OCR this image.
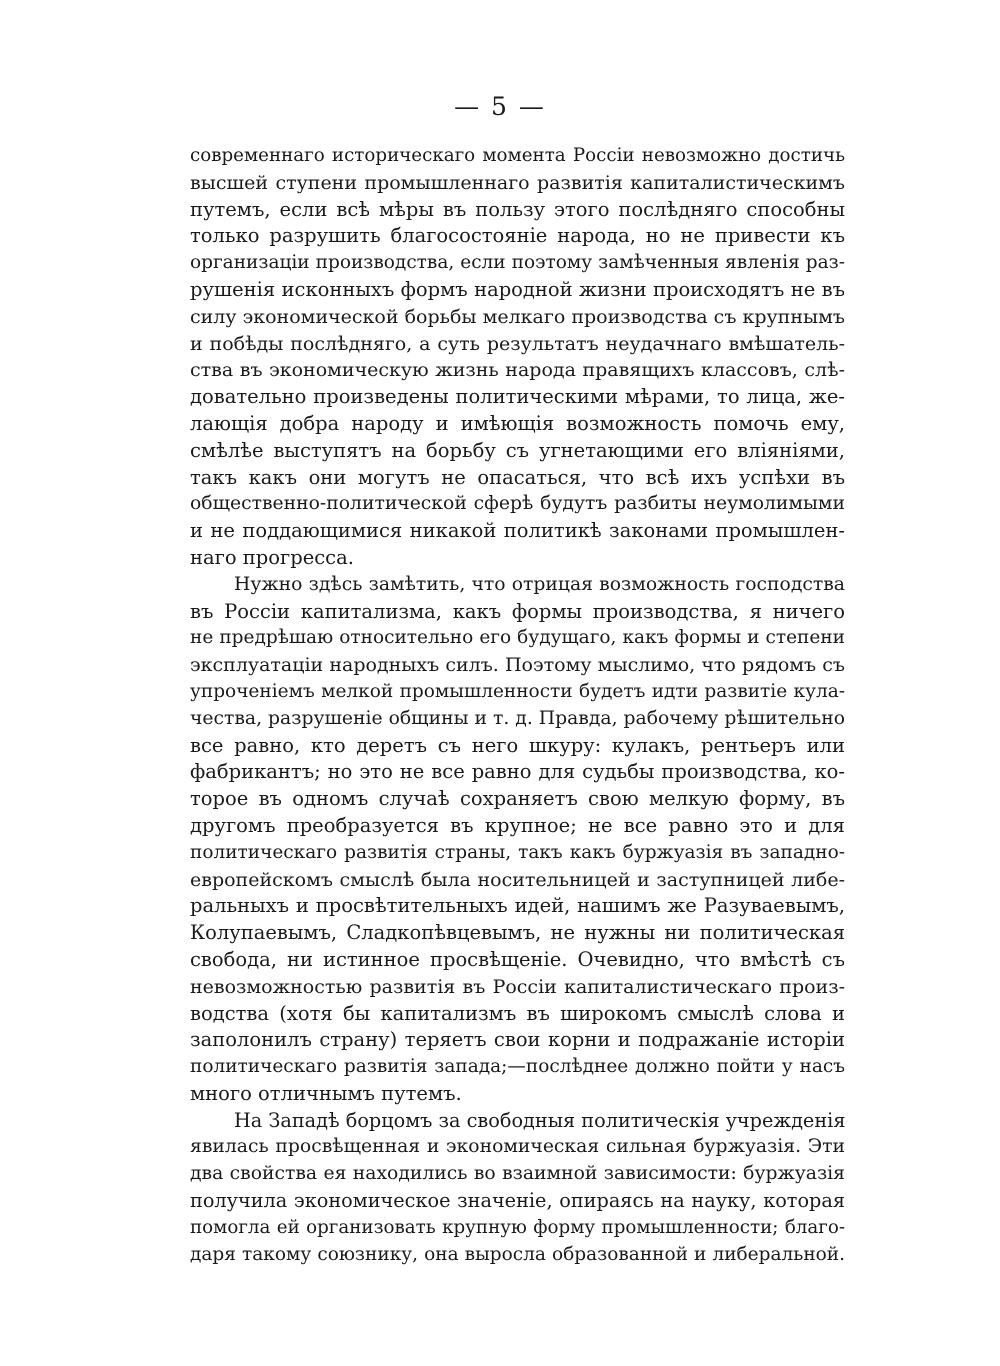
— 5 —

современнаго историческаго момента Россіи невозможно достичь
высшей ступени промышленнаго развитія капиталистическимъ
путемъ, если всѣ мѣры въ пользу этого послѣдняго способны
только разрушить благосостояніе народа, но не привести къ
организаціи производства, если поэтому замѣченныя явленія раз-
рушенія исконныхъ формъ народной жизни происходятъ не въ
силу экономической борьбы мелкаго производства съ крупнымъ
и побѣды послѣдняго, а суть результатъ неудачнаго вмѣшатель-
ства въ экономическую жизнь народа правящихъ классовъ, слѣ-
довательно произведены политическими мѣрами, то лица, же-
лающія добра народу и имѣющія возможность помочь ему,
смѣлѣе выступятъ на борьбу съ угнетающими его вліяніями,
такъ какъ они могутъ не опасаться, что всѣ ихъ успѣхи въ
общественно-политической сферѣ будутъ разбиты неумолимыми
и не поддающимися никакой политикѣ законами промышлен-
наго прогресса.

Нужно здѣсь замѣтить, что отрицая возможность господства
въ Россіи капитализма, какъ формы производства, я ничего
не предрѣшаю относительно его будущаго, какъ формы и степени
эксплуатаціи народныхъ силъ. Поэтому мыслимо, что рядомъ съ
упроченіемъ мелкой промышленности будетъ идти развитіе кула-
чества, разрушеніе общины и т. д. Правда, рабочему рѣшительно
все равно, кто деретъ съ него шкуру: кулакъ, рентьеръ или
фабрикантъ; но это не все равно для судьбы производства, ко-
торое въ одномъ случаѣ сохраняетъ свою мелкую форму, въ
другомъ преобразуется въ крупное; не все равно это и для
политическаго развитія страны, такъ какъ буржуазія въ западно-
европейскомъ смыслѣ была носительницей и заступницей либе-
ральныхъ и просвѣтительныхъ идей, нашимъ же Разуваевымъ,
Колупаевымъ, Сладкопѣвцевымъ, не нужны ни политическая
свобода, ни истинное просвѣщеніе. Очевидно, что вмѣстѣ съ
невозможностью развитія въ Россіи капиталистическаго произ-
водства (хотя бы капитализмъ въ широкомъ смыслѣ слова и
заполонилъ страну) теряетъ свои корни и подражаніе исторіи
политическаго развитія запада;—послѣднее должно пойти у насъ
много отличнымъ путемъ.

На Западѣ борцомъ за свободныя политическія учрежденія
явилась просвѣщенная и экономическая сильная буржуазія. Эти
два свойства ея находились во взаимной зависимости: буржуазія
получила экономическое значеніе, опираясь на науку, которая
помогла ей организовать крупную форму промышленности; благо-
даря такому союзнику, она выросла образованной и либеральной.
